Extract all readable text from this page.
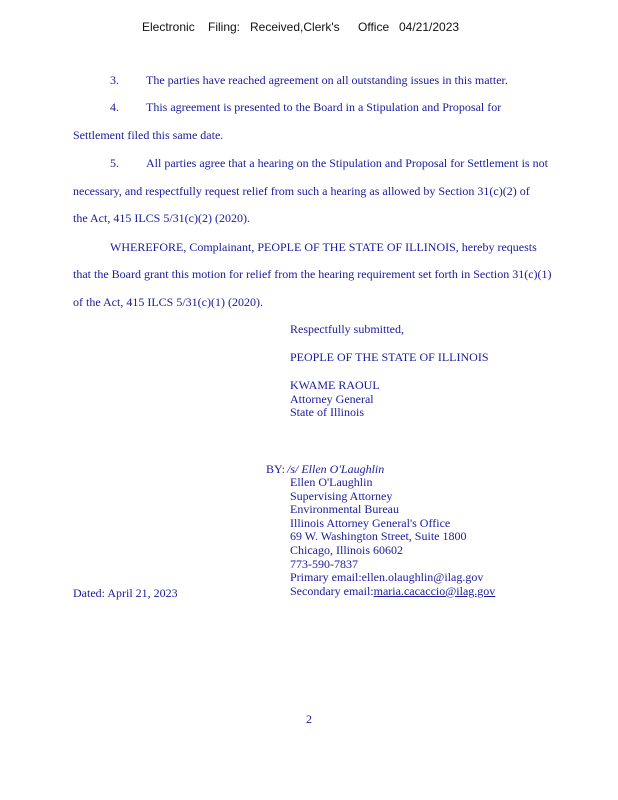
Electronic Filing: Received,Clerk's Office 04/21/2023
3. The parties have reached agreement on all outstanding issues in this matter.
4. This agreement is presented to the Board in a Stipulation and Proposal for
Settlement filed this same date.
5. All parties agree that a hearing on the Stipulation and Proposal for Settlement is not
necessary, and respectfully request relief from such a hearing as allowed by Section 31(c)(2) of
the Act, 415 ILCS 5/31(c)(2) (2020).
WHEREFORE, Complainant, PEOPLE OF THE STATE OF ILLINOIS, hereby requests
that the Board grant this motion for relief from the hearing requirement set forth in Section 31(c)(1)
of the Act, 415 ILCS 5/31(c)(1) (2020).
Respectfully submitted,
PEOPLE OF THE STATE OF ILLINOIS
KWAME RAOUL
Attorney General
State of Illinois
BY: /s/ Ellen O'Laughlin
Ellen O'Laughlin
Supervising Attorney
Environmental Bureau
Illinois Attorney General's Office
69 W. Washington Street, Suite 1800
Chicago, Illinois 60602
773-590-7837
Primary email:ellen.olaughlin@ilag.gov
Secondary email:maria.cacaccio@ilag.gov
Dated: April 21, 2023
2
